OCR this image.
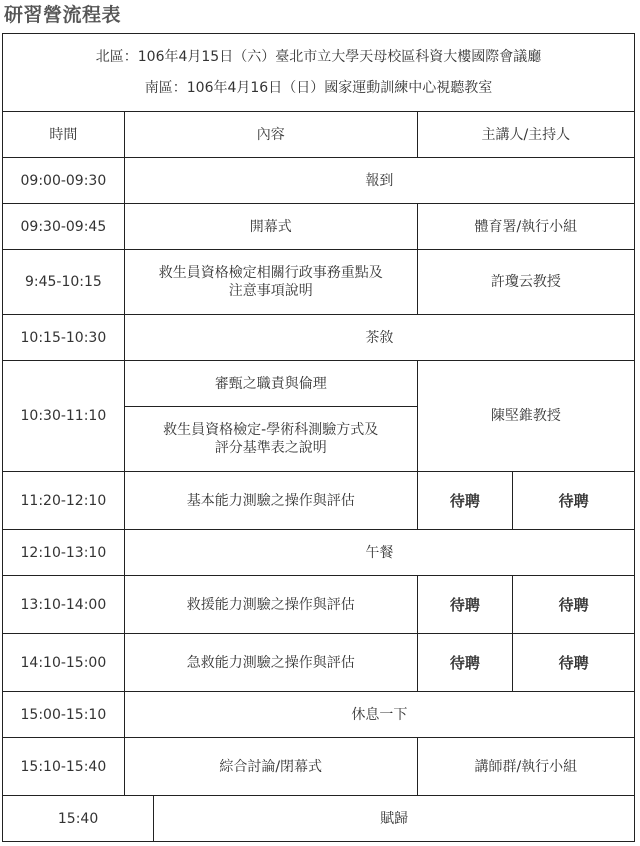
研習營流程表
北區：106年4月15日（六）臺北市立大學天母校區科資大樓國際會議廳
南區：106年4月16日（日）國家運動訓練中心視聽教室				

時間	內容		主講人/主持人	
09:00-09:30	報到			
09:30-09:45	開幕式		體育署/執行小組	
9:45-10:15	救生員資格檢定相關行政事務重點及
注意事項說明		許瓊云教授	
10:15-10:30	茶敘			
10:30-11:10	審甄之職責與倫理		陳堅錐教授	

	救生員資格檢定-學術科測驗方式及
評分基準表之說明			

11:20-12:10	基本能力測驗之操作與評估		待聘	待聘
12:10-13:10	午餐			
13:10-14:00	救援能力測驗之操作與評估		待聘	待聘
14:10-15:00	急救能力測驗之操作與評估		待聘	待聘
15:00-15:10	休息一下			
15:10-15:40	綜合討論/閉幕式		講師群/執行小組	
15:40		賦歸		
